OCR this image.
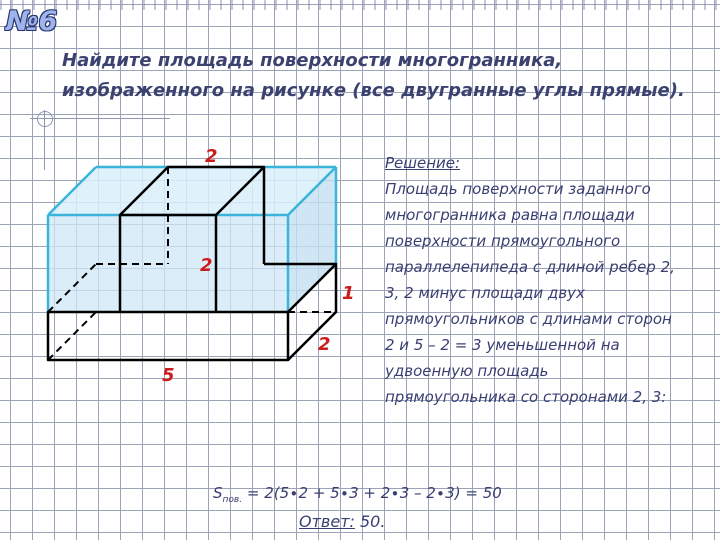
№6
Найдите площадь поверхности многогранника,
изображенного на рисунке (все двугранные углы прямые).
2
2
1
2
5
Решение:
Площадь поверхности заданного многогранника равна площади поверхности прямоугольного параллелепипеда с длиной ребер 2, 3, 2 минус площади двух прямоугольников с длинами сторон 2 и 5 – 2 = 3 уменьшенной на удвоенную площадь прямоугольника со сторонами 2, 3:
$S_{пов.} = 2(5\cdot 2 + 5\cdot 3 + 2\cdot 3 - 2\cdot 3) = 50$
Ответ: 50.
